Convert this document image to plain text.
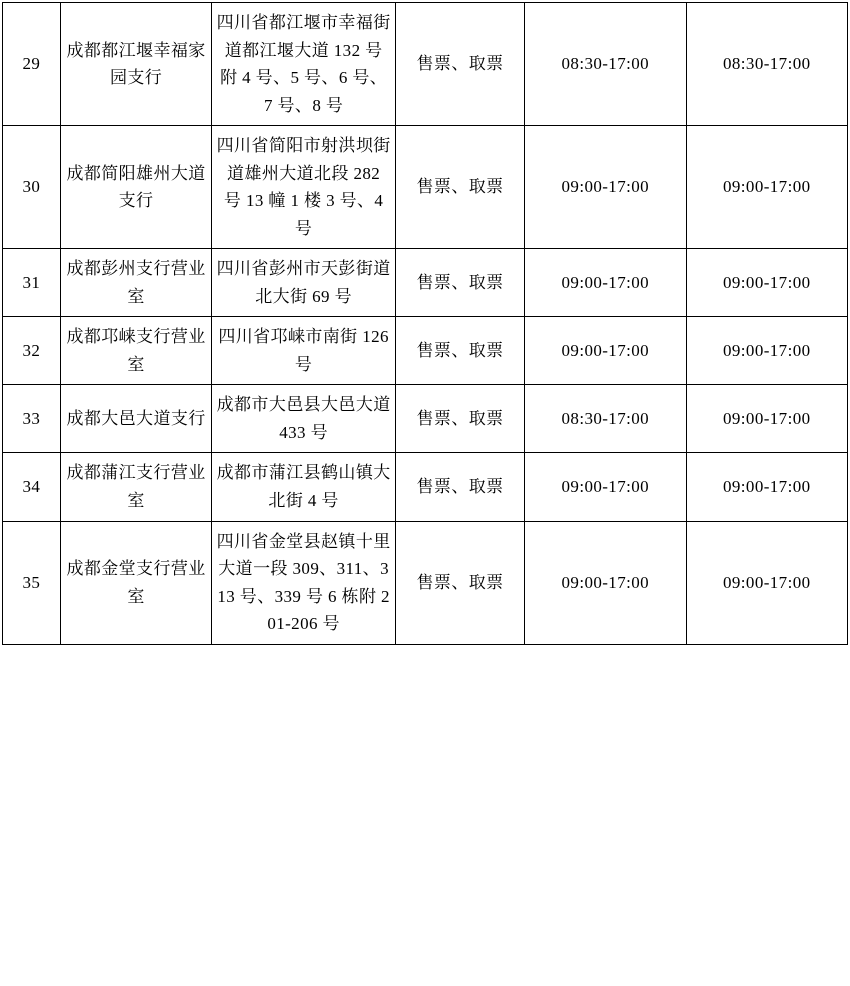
29	成都都江堰幸福家园支行	四川省都江堰市幸福街道都江堰大道 132 号附 4 号、5 号、6 号、7 号、8 号	售票、取票	08:30-17:00	08:30-17:00
30	成都简阳雄州大道支行	四川省简阳市射洪坝街道雄州大道北段 282 号 13 幢 1 楼 3 号、4 号	售票、取票	09:00-17:00	09:00-17:00
31	成都彭州支行营业室	四川省彭州市天彭街道北大街 69 号	售票、取票	09:00-17:00	09:00-17:00
32	成都邛崃支行营业室	四川省邛崃市南街 126 号	售票、取票	09:00-17:00	09:00-17:00
33	成都大邑大道支行	成都市大邑县大邑大道 433 号	售票、取票	08:30-17:00	09:00-17:00
34	成都蒲江支行营业室	成都市蒲江县鹤山镇大北街 4 号	售票、取票	09:00-17:00	09:00-17:00
35	成都金堂支行营业室	四川省金堂县赵镇十里大道一段 309、311、313 号、339 号 6 栋附 201-206 号	售票、取票	09:00-17:00	09:00-17:00
